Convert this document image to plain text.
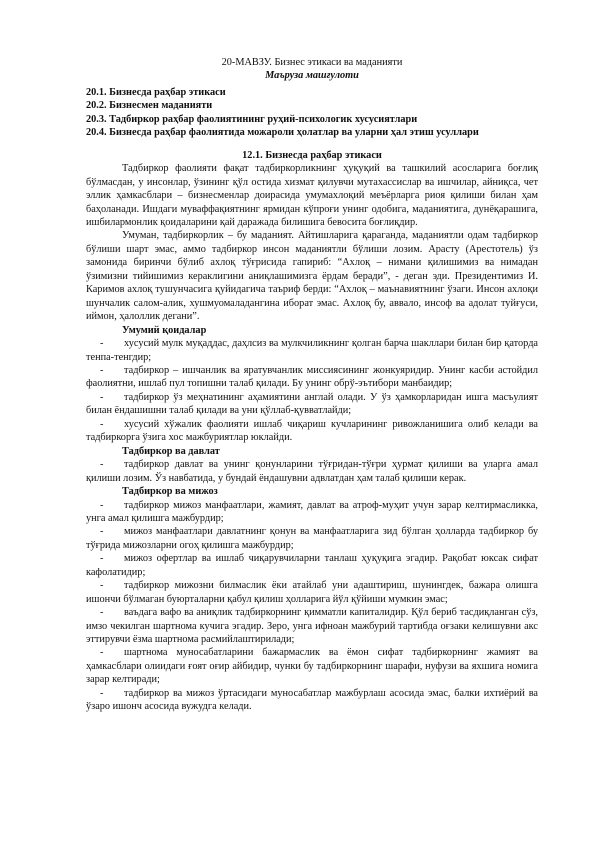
20-МАВЗУ. Бизнес этикаси ва маданияти

Маъруза машғулоти

20.1. Бизнесда раҳбар этикаси
20.2. Бизнесмен маданияти
20.3. Тадбиркор раҳбар фаолиятининг руҳий-психологик хусусиятлари
20.4. Бизнесда раҳбар фаолиятида можароли ҳолатлар ва уларни ҳал этиш усуллари

12.1. Бизнесда раҳбар этикаси

Тадбиркор фаолияти фақат тадбиркорликнинг ҳуқуқий ва ташкилий асосларига боғлиқ бўлмасдан, у инсонлар, ўзининг қўл остида хизмат қилувчи мутахассислар ва ишчилар, айниқса, чет эллик ҳамкасблари – бизнесменлар доирасида умумахлоқий меъёрларга риоя қилиши билан ҳам баҳоланади. Ишдаги муваффақиятнинг ярмидан кўпроғи унинг одобига, маданиятига, дунёқарашига, ишбилармонлик қоидаларини қай даражада билишига бевосита боғлиқдир.

Умуман, тадбиркорлик – бу маданият. Айтишларига қараганда, маданиятли одам тадбиркор бўлиши шарт эмас, аммо тадбиркор инсон маданиятли бўлиши лозим. Арасту (Арестотель) ўз замонида биринчи бўлиб ахлоқ тўғрисида гапириб: “Ахлоқ – нимани қилишимиз ва нимадан ўзимизни тийишимиз кераклигини аниқлашимизга ёрдам беради”, - деган эди. Президентимиз И. Каримов ахлоқ тушунчасига қуйидагича таъриф берди: “Ахлоқ – маънавиятнинг ўзаги. Инсон ахлоқи шунчалик салом-алик, хушмуомаладангина иборат эмас. Ахлоқ бу, аввало, инсоф ва адолат туйғуси, иймон, ҳалоллик дегани”.

Умумий қоидалар
- хусусий мулк муқаддас, даҳлсиз ва мулкчиликнинг қолган барча шакллари билан бир қаторда тенпа-тенгдир;
- тадбиркор – ишчанлик ва яратувчанлик миссиясининг жонкуяридир. Унинг касби астойдил фаолиятни, ишлаб пул топишни талаб қилади. Бу унинг обрў-эътибори манбаидир;
- тадбиркор ўз меҳнатининг аҳамиятини англай олади. У ўз ҳамкорларидан ишга масъулият билан ёндашишни талаб қилади ва уни қўллаб-қувватлайди;
- хусусий хўжалик фаолияти ишлаб чиқариш кучларининг ривожланишига олиб келади ва тадбиркорга ўзига хос мажбуриятлар юклайди.
Тадбиркор ва давлат
- тадбиркор давлат ва унинг қонунларини тўғридан-тўғри ҳурмат қилиши ва уларга амал қилиши лозим. Ўз навбатида, у бундай ёндашувни адвлатдан ҳам талаб қилиши керак.
Тадбиркор ва мижоз
- тадбиркор мижоз манфаатлари, жамият, давлат ва атроф-муҳит учун зарар келтирмасликка, унга амал қилишга мажбурдир;
- мижоз манфаатлари давлатнинг қонун ва манфаатларига зид бўлган ҳолларда тадбиркор бу тўғрида мижозларни огоҳ қилишга мажбурдир;
- мижоз офертлар ва ишлаб чиқарувчиларни танлаш ҳуқуқига эгадир. Рақобат юксак сифат кафолатидир;
- тадбиркор мижозни билмаслик ёки атайлаб уни адаштириш, шунингдек, бажара олишга ишончи бўлмаган буюрталарни қабул қилиш ҳолларига йўл қўйиши мумкин эмас;
- ваъдага вафо ва аниқлик тадбиркорнинг қимматли капиталидир. Қўл бериб тасдиқланган сўз, имзо чекилган шартнома кучига эгадир. Зеро, унга ифноан мажбурий тартибда оғзаки келишувни акс эттирувчи ёзма шартнома расмийлаштирилади;
- шартнома муносабатларини бажармаслик ва ёмон сифат тадбиркорнинг жамият ва ҳамкасблари олиидаги ғоят оғир айбидир, чунки бу тадбиркорнинг шарафи, нуфузи ва яхшига номига зарар келтиради;
- тадбиркор ва мижоз ўртасидаги муносабатлар мажбурлаш асосида эмас, балки ихтиёрий ва ўзаро ишонч асосида вужудга келади.
